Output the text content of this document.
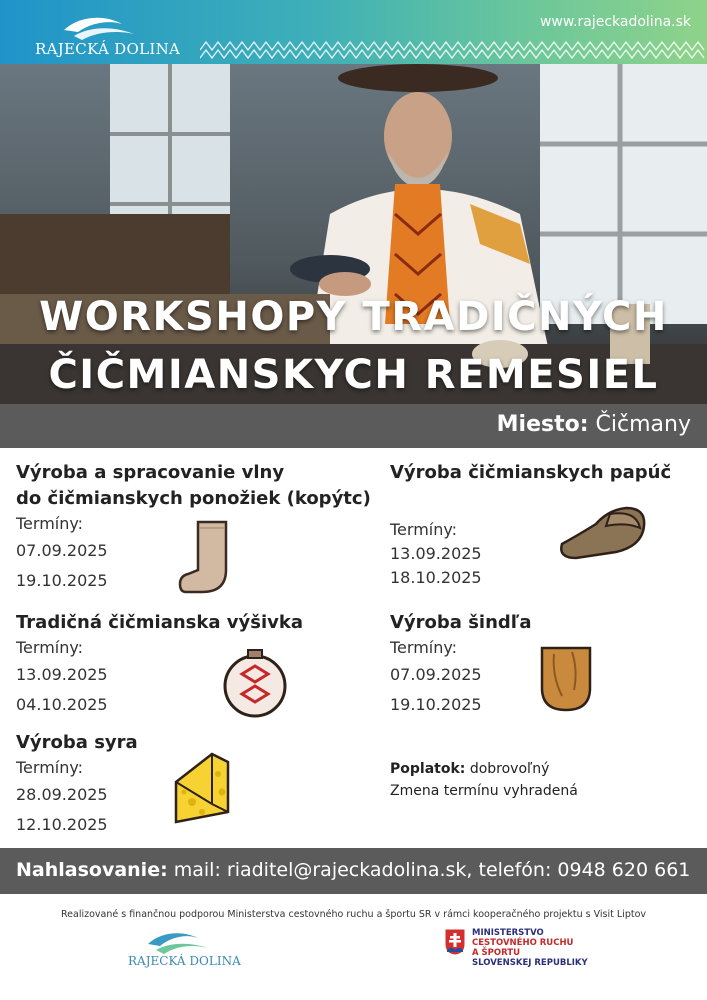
RAJECKÁ DOLINA
www.rajeckadolina.sk
WORKSHOPY TRADIČNÝCH
ČIČMIANSKYCH REMESIEL
Miesto: Čičmany
Výroba a spracovanie vlny
do čičmianskych ponožiek (kopýtc)
Termíny:
07.09.2025
19.10.2025
Výroba čičmianskych papúč
Termíny:
13.09.2025
18.10.2025
Tradičná čičmianska výšivka
Termíny:
13.09.2025
04.10.2025
Výroba šindľa
Termíny:
07.09.2025
19.10.2025
Výroba syra
Termíny:
28.09.2025
12.10.2025
Poplatok: dobrovoľný
Zmena termínu vyhradená
Nahlasovanie: mail: riaditel@rajeckadolina.sk, telefón: 0948 620 661
Realizované s finančnou podporou Ministerstva cestovného ruchu a športu SR v rámci kooperačného projektu s Visit Liptov
RAJECKÁ DOLINA
MINISTERSTVO
CESTOVNÉHO RUCHU
A ŠPORTU
SLOVENSKEJ REPUBLIKY
